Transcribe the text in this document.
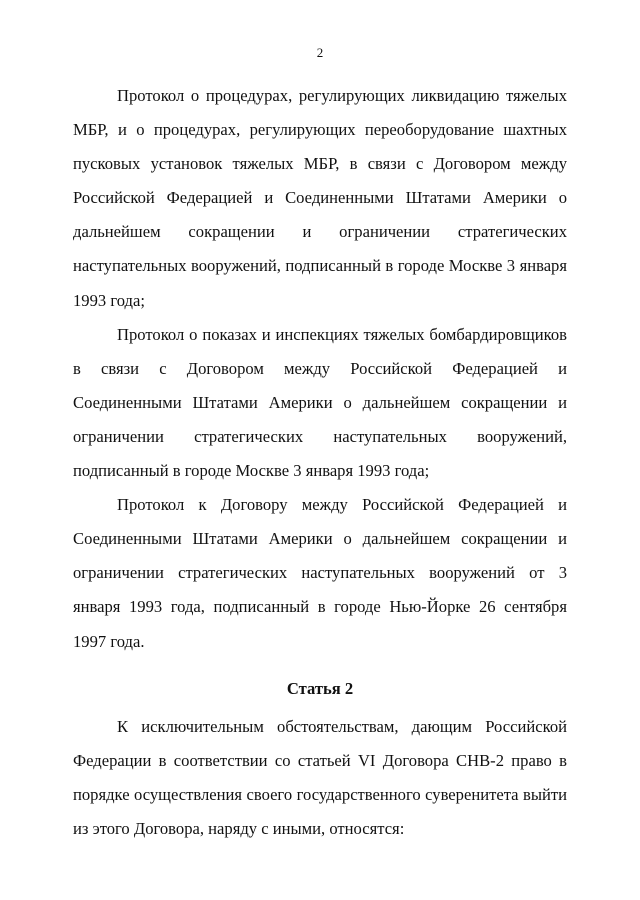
2

Протокол о процедурах, регулирующих ликвидацию тяжелых МБР, и о процедурах, регулирующих переоборудование шахтных пусковых установок тяжелых МБР, в связи с Договором между Российской Федерацией и Соединенными Штатами Америки о дальнейшем сокращении и ограничении стратегических наступательных вооружений, подписанный в городе Москве 3 января 1993 года;

Протокол о показах и инспекциях тяжелых бомбардировщиков в связи с Договором между Российской Федерацией и Соединенными Штатами Америки о дальнейшем сокращении и ограничении стратегических наступательных вооружений, подписанный в городе Москве 3 января 1993 года;

Протокол к Договору между Российской Федерацией и Соединенными Штатами Америки о дальнейшем сокращении и ограничении стратегических наступательных вооружений от 3 января 1993 года, подписанный в городе Нью-Йорке 26 сентября 1997 года.

Статья 2

К исключительным обстоятельствам, дающим Российской Федерации в соответствии со статьей VI Договора СНВ-2 право в порядке осуществления своего государственного суверенитета выйти из этого Договора, наряду с иными, относятся:
